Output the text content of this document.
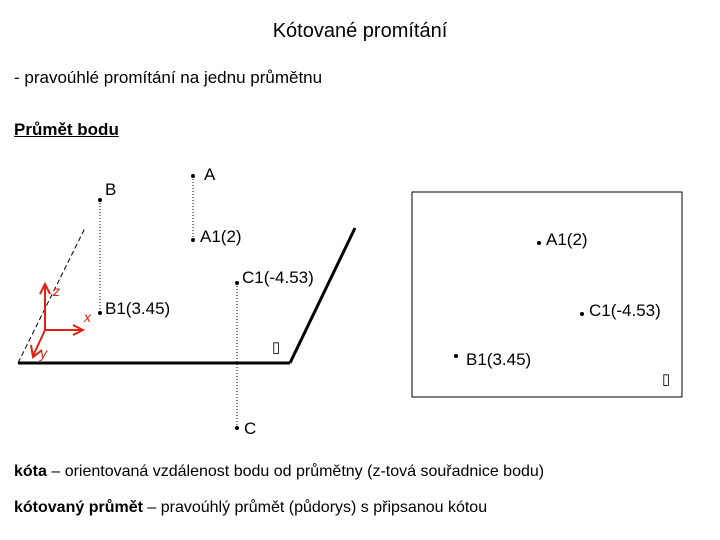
Kótované promítání
- pravoúhlé promítání na jednu průmětnu
Průmět bodu
z
x
y
A
A1(2)
B
B1(3.45)
C1(-4.53)
C
▯
A1(2)
C1(-4.53)
B1(3.45)
▯
kóta – orientovaná vzdálenost bodu od průmětny (z-tová souřadnice bodu)
kótovaný průmět – pravoúhlý průmět (půdorys) s připsanou kótou
